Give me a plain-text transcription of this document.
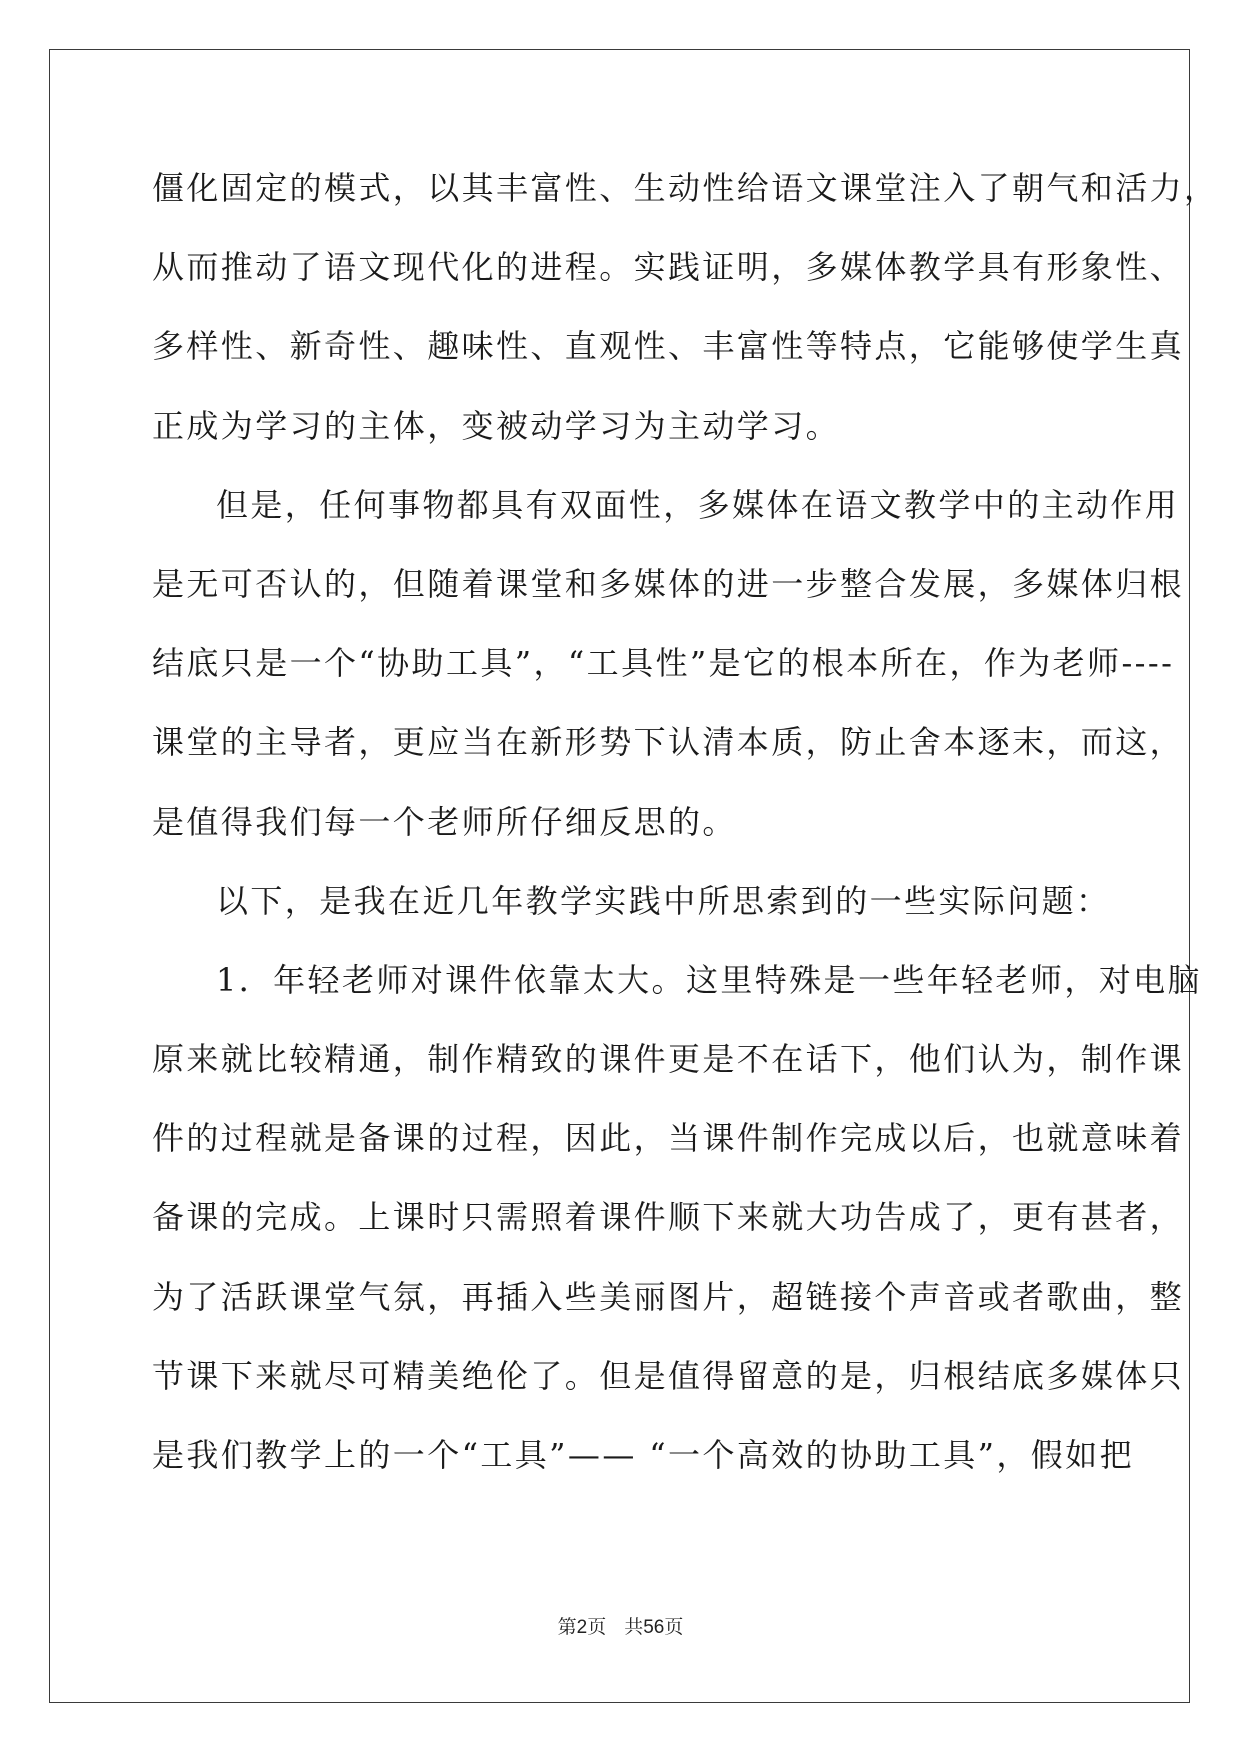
僵化固定的模式，以其丰富性、生动性给语文课堂注入了朝气和活力，
从而推动了语文现代化的进程。实践证明，多媒体教学具有形象性、
多样性、新奇性、趣味性、直观性、丰富性等特点，它能够使学生真
正成为学习的主体，变被动学习为主动学习。
但是，任何事物都具有双面性，多媒体在语文教学中的主动作用
是无可否认的，但随着课堂和多媒体的进一步整合发展，多媒体归根
结底只是一个“协助工具”，“工具性”是它的根本所在，作为老师----
课堂的主导者，更应当在新形势下认清本质，防止舍本逐末，而这，
是值得我们每一个老师所仔细反思的。
以下，是我在近几年教学实践中所思索到的一些实际问题：
1．年轻老师对课件依靠太大。这里特殊是一些年轻老师，对电脑
原来就比较精通，制作精致的课件更是不在话下，他们认为，制作课
件的过程就是备课的过程，因此，当课件制作完成以后，也就意味着
备课的完成。上课时只需照着课件顺下来就大功告成了，更有甚者，
为了活跃课堂气氛，再插入些美丽图片，超链接个声音或者歌曲，整
节课下来就尽可精美绝伦了。但是值得留意的是，归根结底多媒体只
是我们教学上的一个“工具”—— “一个高效的协助工具”，假如把
第2页 共56页
